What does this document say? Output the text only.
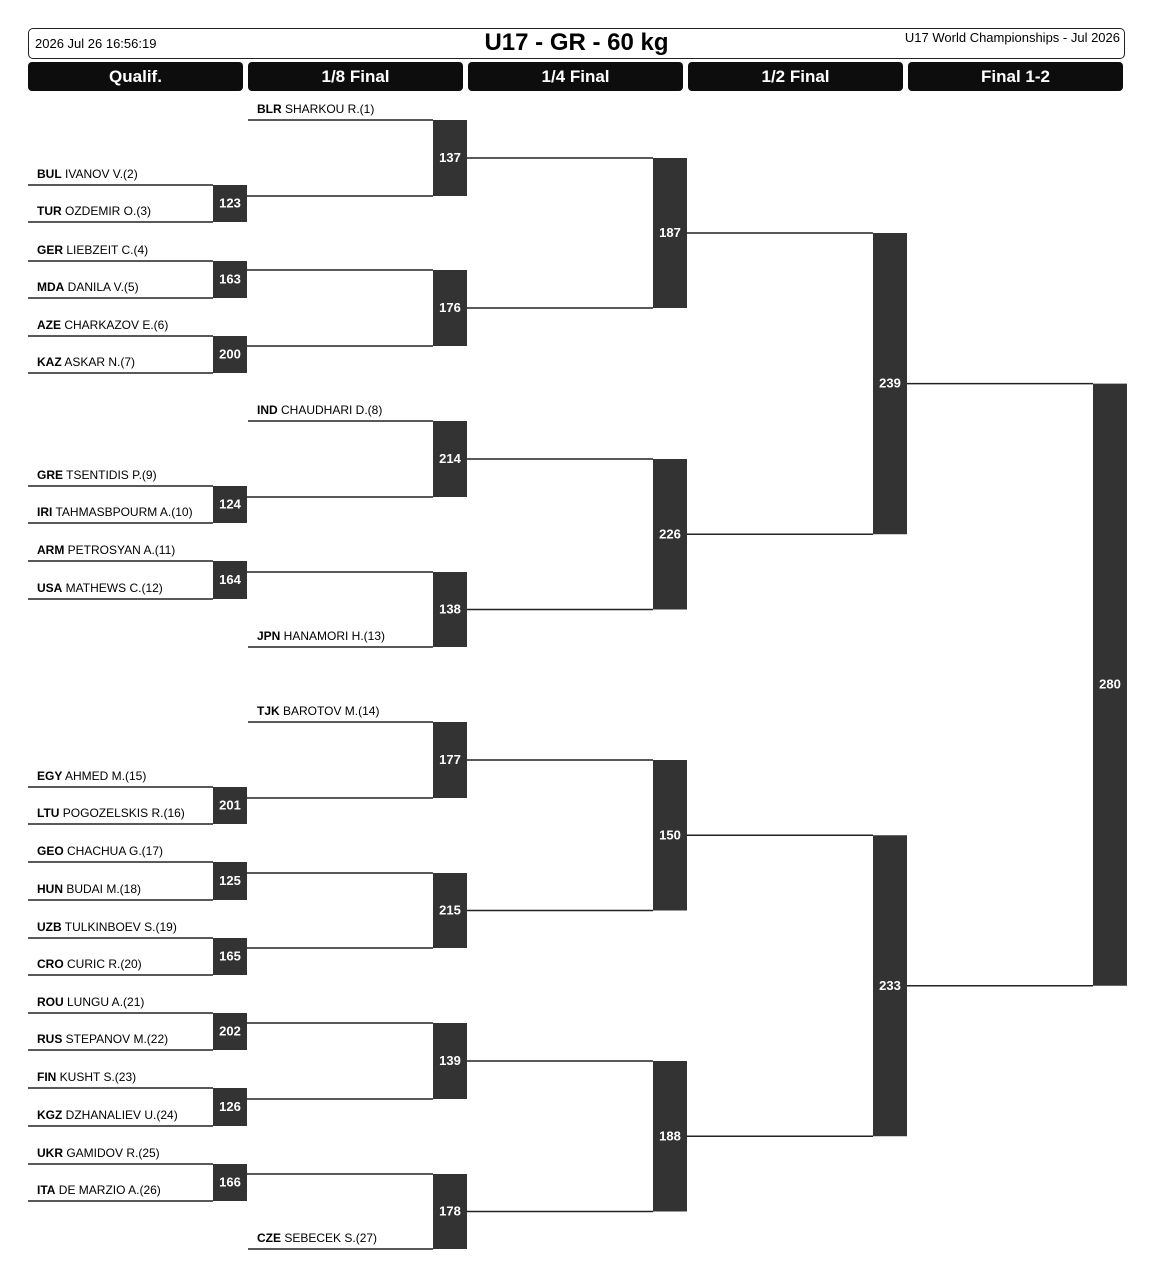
2026 Jul 26 16:56:19	U17 - GR - 60 kg	U17 World Championships - Jul 2026
Qualif.	1/8 Final	1/4 Final	1/2 Final	Final 1-2
BUL IVANOV V.(2)
TUR OZDEMIR O.(3)
123
GER LIEBZEIT C.(4)
MDA DANILA V.(5)
163
AZE CHARKAZOV E.(6)
KAZ ASKAR N.(7)
200
GRE TSENTIDIS P.(9)
IRI TAHMASBPOURM A.(10)
124
ARM PETROSYAN A.(11)
USA MATHEWS C.(12)
164
EGY AHMED M.(15)
LTU POGOZELSKIS R.(16)
201
GEO CHACHUA G.(17)
HUN BUDAI M.(18)
125
UZB TULKINBOEV S.(19)
CRO CURIC R.(20)
165
ROU LUNGU A.(21)
RUS STEPANOV M.(22)
202
FIN KUSHT S.(23)
KGZ DZHANALIEV U.(24)
126
UKR GAMIDOV R.(25)
ITA DE MARZIO A.(26)
166
BLR SHARKOU R.(1)
137
176
IND CHAUDHARI D.(8)
214
JPN HANAMORI H.(13)
138
TJK BAROTOV M.(14)
177
215
139
CZE SEBECEK S.(27)
178
187
226
150
188
239
233
280
